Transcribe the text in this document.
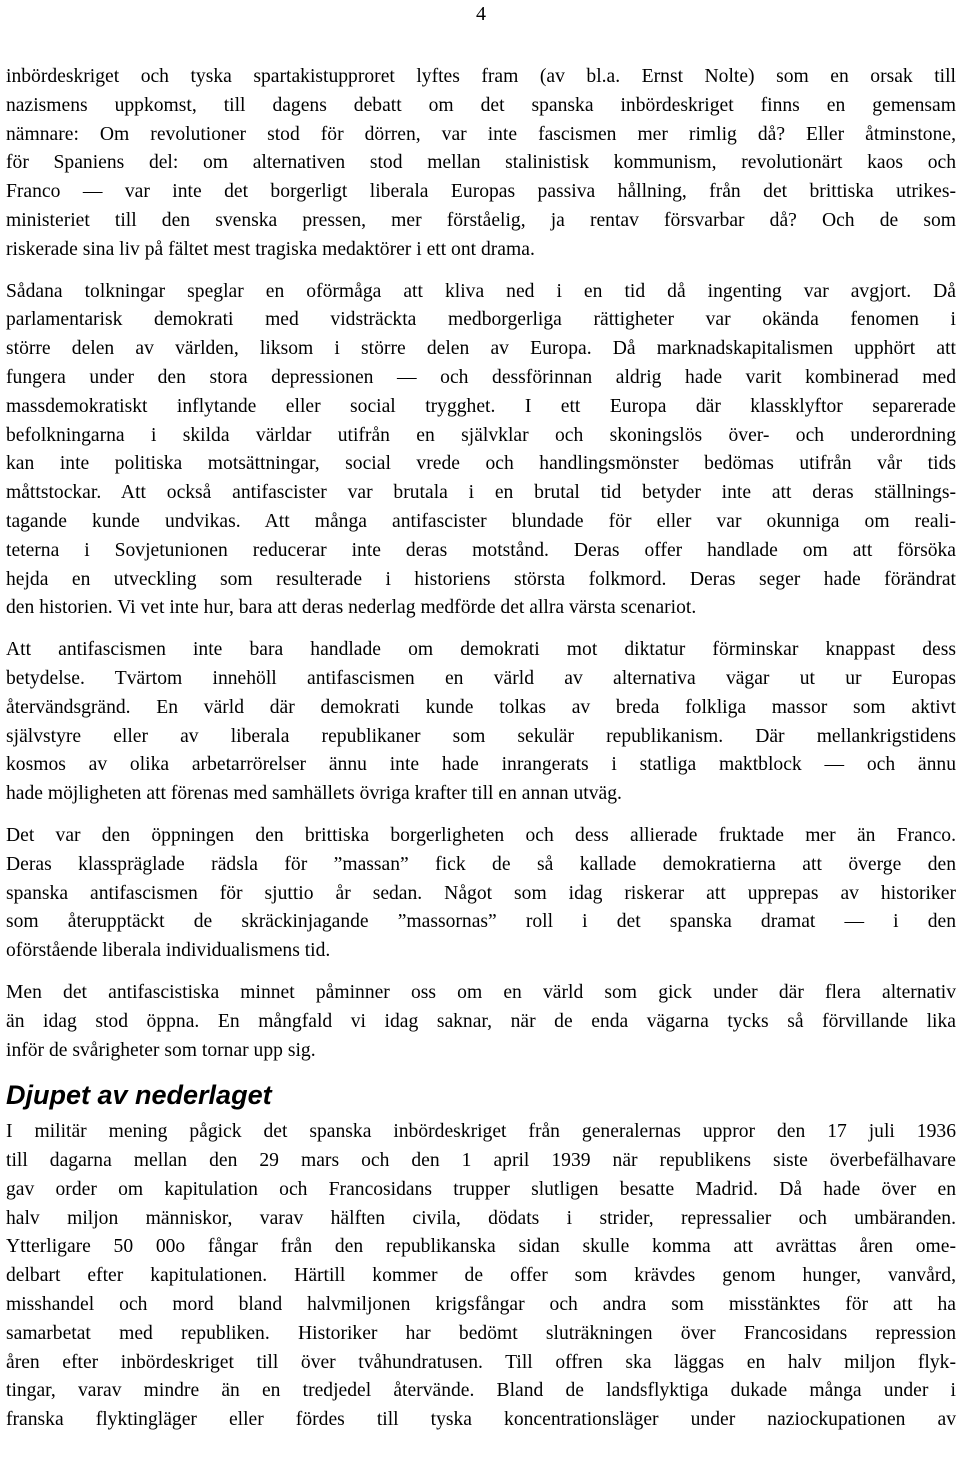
4

inbördeskriget och tyska spartakistupproret lyftes fram (av bl.a. Ernst Nolte) som en orsak till
nazismens uppkomst, till dagens debatt om det spanska inbördeskriget finns en gemensam
nämnare: Om revolutioner stod för dörren, var inte fascismen mer rimlig då? Eller åtminstone,
för Spaniens del: om alternativen stod mellan stalinistisk kommunism, revolutionärt kaos och
Franco — var inte det borgerligt liberala Europas passiva hållning, från det brittiska utrikes-
ministeriet till den svenska pressen, mer förståelig, ja rentav försvarbar då? Och de som
riskerade sina liv på fältet mest tragiska medaktörer i ett ont drama.

Sådana tolkningar speglar en oförmåga att kliva ned i en tid då ingenting var avgjort. Då
parlamentarisk demokrati med vidsträckta medborgerliga rättigheter var okända fenomen i
större delen av världen, liksom i större delen av Europa. Då marknadskapitalismen upphört att
fungera under den stora depressionen — och dessförinnan aldrig hade varit kombinerad med
massdemokratiskt inflytande eller social trygghet. I ett Europa där klassklyftor separerade
befolkningarna i skilda världar utifrån en självklar och skoningslös över- och underordning
kan inte politiska motsättningar, social vrede och handlingsmönster bedömas utifrån vår tids
måttstockar. Att också antifascister var brutala i en brutal tid betyder inte att deras ställnings-
tagande kunde undvikas. Att många antifascister blundade för eller var okunniga om reali-
teterna i Sovjetunionen reducerar inte deras motstånd. Deras offer handlade om att försöka
hejda en utveckling som resulterade i historiens största folkmord. Deras seger hade förändrat
den historien. Vi vet inte hur, bara att deras nederlag medförde det allra värsta scenariot.

Att antifascismen inte bara handlade om demokrati mot diktatur förminskar knappast dess
betydelse. Tvärtom innehöll antifascismen en värld av alternativa vägar ut ur Europas
återvändsgränd. En värld där demokrati kunde tolkas av breda folkliga massor som aktivt
självstyre eller av liberala republikaner som sekulär republikanism. Där mellankrigstidens
kosmos av olika arbetarrörelser ännu inte hade inrangerats i statliga maktblock — och ännu
hade möjligheten att förenas med samhällets övriga krafter till en annan utväg.

Det var den öppningen den brittiska borgerligheten och dess allierade fruktade mer än Franco.
Deras klasspräglade rädsla för ”massan” fick de så kallade demokratierna att överge den
spanska antifascismen för sjuttio år sedan. Något som idag riskerar att upprepas av historiker
som återupptäckt de skräckinjagande ”massornas” roll i det spanska dramat — i den
oförstående liberala individualismens tid.

Men det antifascistiska minnet påminner oss om en värld som gick under där flera alternativ
än idag stod öppna. En mångfald vi idag saknar, när de enda vägarna tycks så förvillande lika
inför de svårigheter som tornar upp sig.

Djupet av nederlaget

I militär mening pågick det spanska inbördeskriget från generalernas uppror den 17 juli 1936
till dagarna mellan den 29 mars och den 1 april 1939 när republikens siste överbefälhavare
gav order om kapitulation och Francosidans trupper slutligen besatte Madrid. Då hade över en
halv miljon människor, varav hälften civila, dödats i strider, repressalier och umbäranden.
Ytterligare 50 00o fångar från den republikanska sidan skulle komma att avrättas åren ome-
delbart efter kapitulationen. Härtill kommer de offer som krävdes genom hunger, vanvård,
misshandel och mord bland halvmiljonen krigsfångar och andra som misstänktes för att ha
samarbetat med republiken. Historiker har bedömt sluträkningen över Francosidans repression
åren efter inbördeskriget till över tvåhundratusen. Till offren ska läggas en halv miljon flyk-
tingar, varav mindre än en tredjedel återvände. Bland de landsflyktiga dukade många under i
franska flyktingläger eller fördes till tyska koncentrationsläger under naziockupationen av
